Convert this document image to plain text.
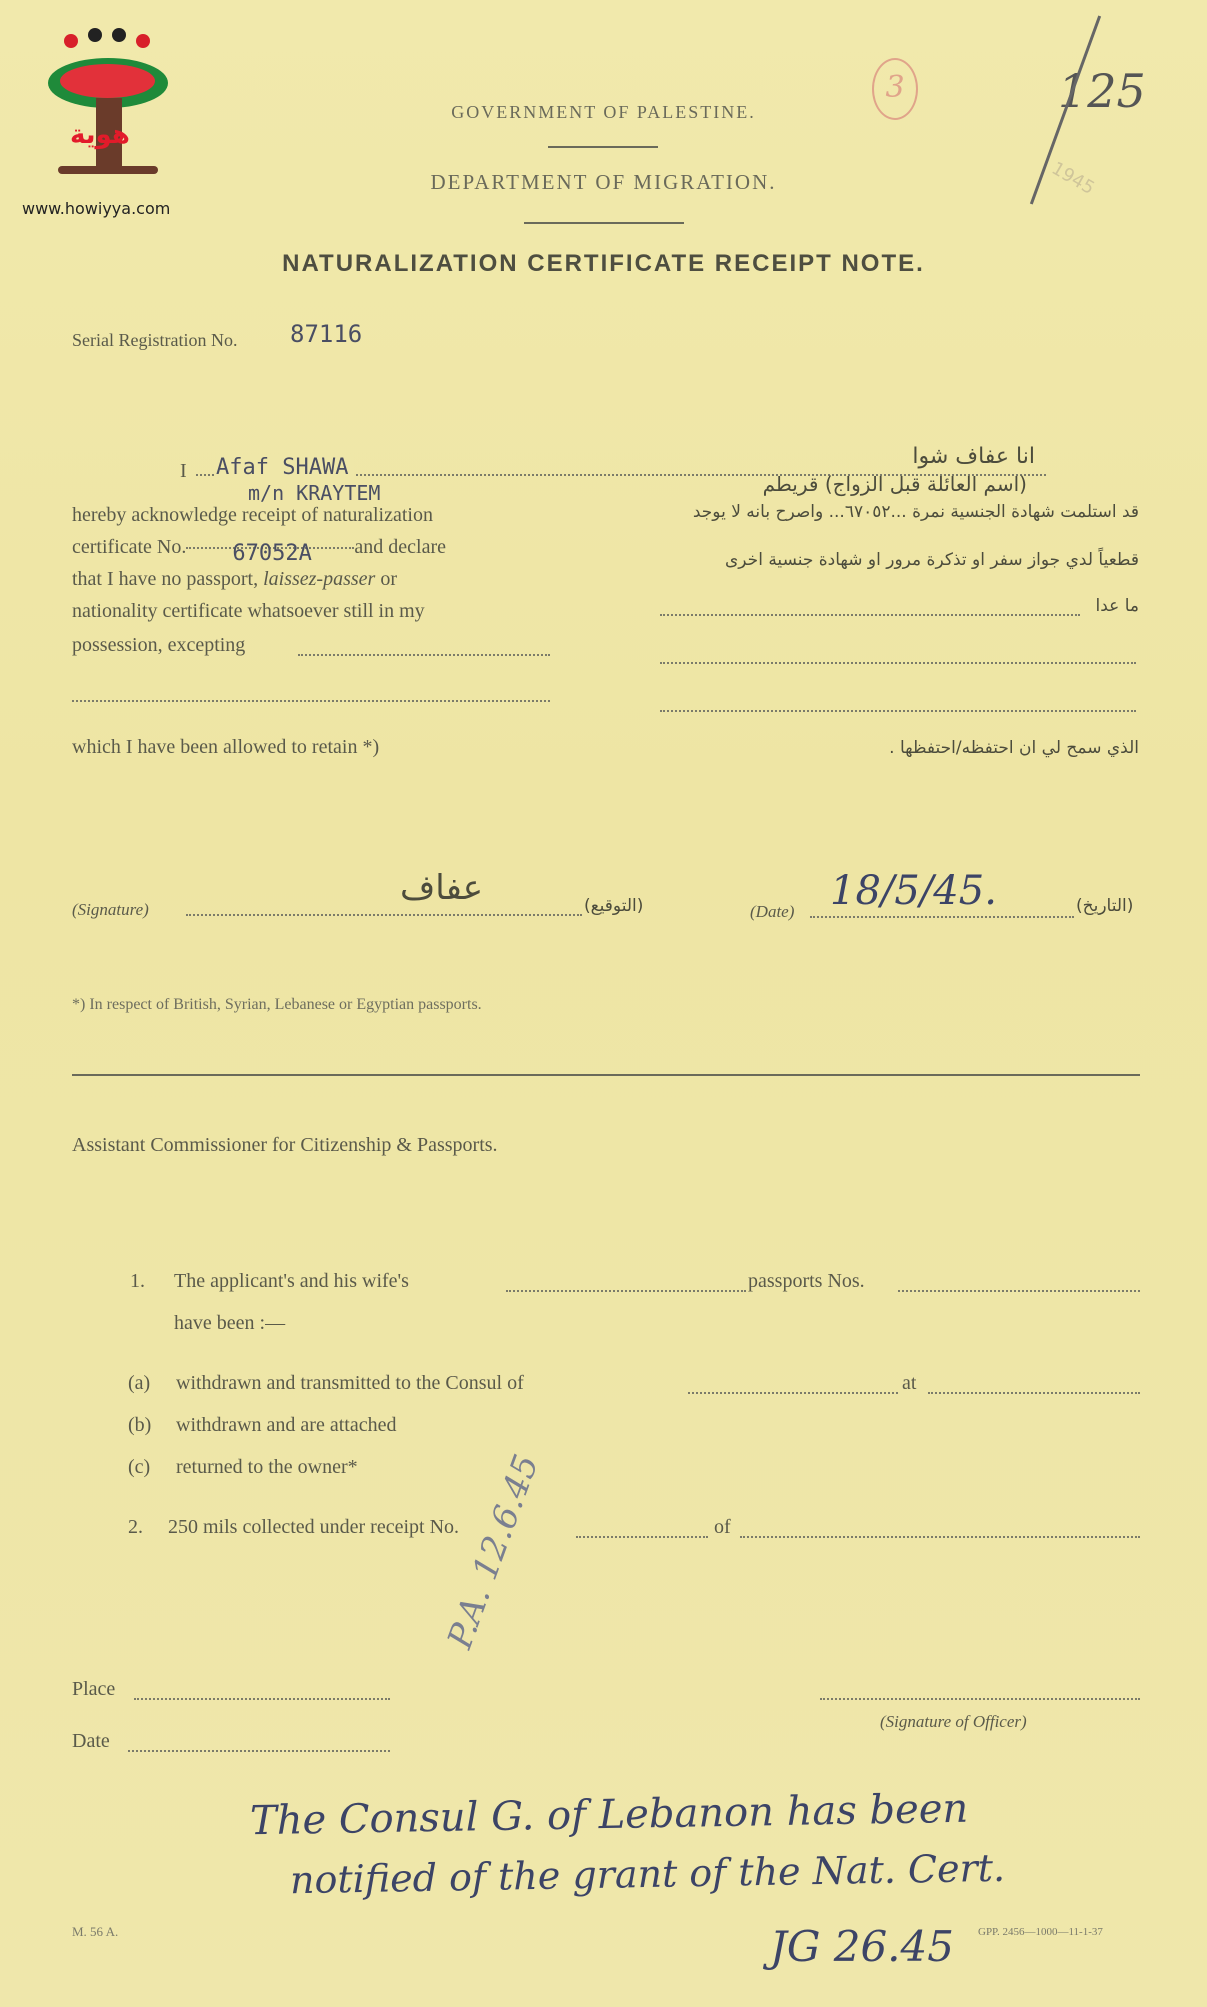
هوية
www.howiyya.com
3	125
1945
GOVERNMENT OF PALESTINE.
DEPARTMENT OF MIGRATION.
NATURALIZATION CERTIFICATE RECEIPT NOTE.
Serial Registration No. 87116
I Afaf SHAWA
m/n KRAYTEM
hereby acknowledge receipt of naturalization
certificate No. 67052A and declare
that I have no passport, laissez-passer or
nationality certificate whatsoever still in my
possession, excepting
which I have been allowed to retain *)
انا عفاف شوا
(اسم العائلة قبل الزواج) قريطم
قد استلمت شهادة الجنسية نمرة ...٦٧٠٥٢... واصرح بانه لا يوجد
قطعياً لدي جواز سفر او تذكرة مرور او شهادة جنسية اخرى
ما عدا
الذي سمح لي ان احتفظه/احتفظها .
(Signature)
عفاف	(التوقيع)	(Date) 18/5/45.	(التاريخ)
*) In respect of British, Syrian, Lebanese or Egyptian passports.
Assistant Commissioner for Citizenship & Passports.
1. The applicant's and his wife's	passports Nos.
have been :—
(a) withdrawn and transmitted to the Consul of	at
(b) withdrawn and are attached
(c) returned to the owner*
2. 250 mils collected under receipt No.	of
P.A. 12.6.45
Place
Date
(Signature of Officer)
The Consul G. of Lebanon has been
notified of the grant of the Nat. Cert.
JG 26.45
M. 56 A.	GPP. 2456—1000—11-1-37
